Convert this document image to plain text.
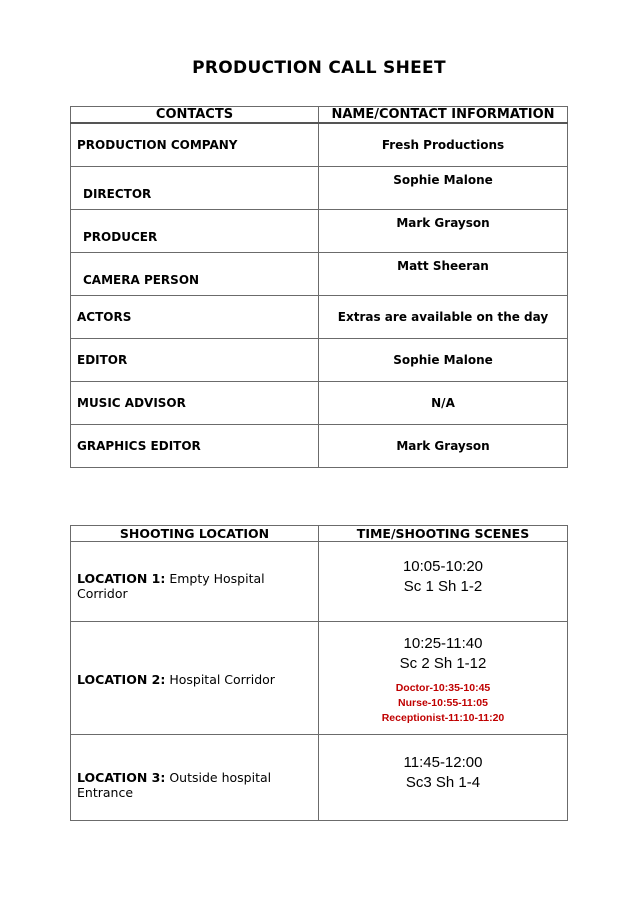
PRODUCTION CALL SHEET
CONTACTS	NAME/CONTACT INFORMATION

PRODUCTION COMPANY	Fresh Productions

DIRECTOR	Sophie Malone

PRODUCER	Mark Grayson

CAMERA PERSON	Matt Sheeran

ACTORS	Extras are available on the day

EDITOR	Sophie Malone

MUSIC ADVISOR	N/A

GRAPHICS EDITOR	Mark Grayson
SHOOTING LOCATION	TIME/SHOOTING SCENES

LOCATION 1: Empty Hospital Corridor	10:05-10:20
Sc 1 Sh 1-2

LOCATION 2: Hospital Corridor	10:25-11:40
Sc 2 Sh 1-12
Doctor-10:35-10:45
Nurse-10:55-11:05
Receptionist-11:10-11:20

LOCATION 3: Outside hospital Entrance	11:45-12:00
Sc3 Sh 1-4
